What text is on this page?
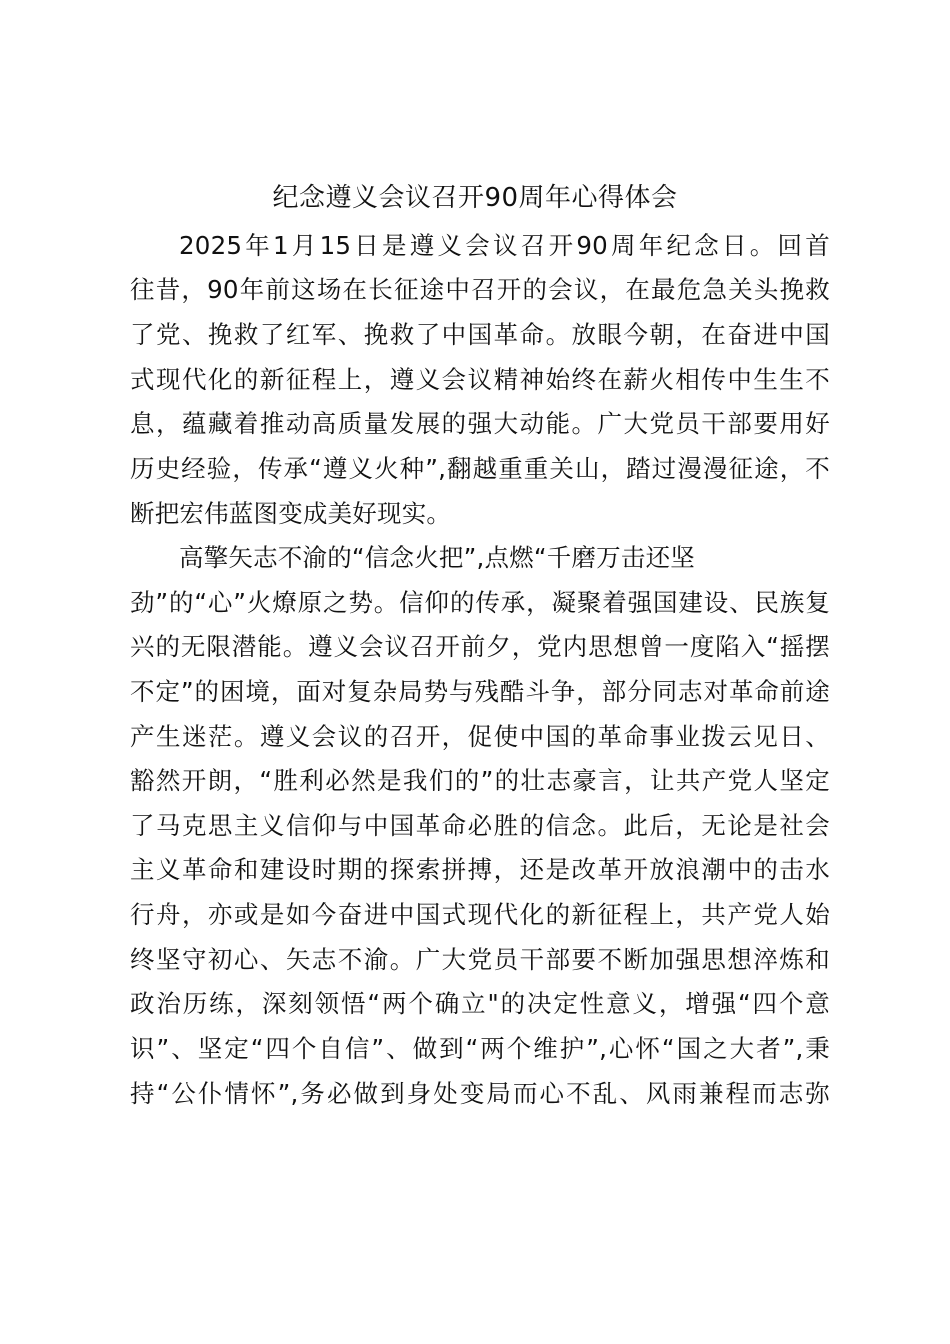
纪念遵义会议召开90周年心得体会

2025年1月15日是遵义会议召开90周年纪念日。回首

往昔，90年前这场在长征途中召开的会议，在最危急关头挽救

了党、挽救了红军、挽救了中国革命。放眼今朝，在奋进中国

式现代化的新征程上，遵义会议精神始终在薪火相传中生生不

息，蕴藏着推动高质量发展的强大动能。广大党员干部要用好

历史经验，传承“遵义火种”,翻越重重关山，踏过漫漫征途，不

断把宏伟蓝图变成美好现实。

高擎矢志不渝的“信念火把”,点燃“千磨万击还坚

劲”的“心”火燎原之势。信仰的传承，凝聚着强国建设、民族复

兴的无限潜能。遵义会议召开前夕，党内思想曾一度陷入“摇摆

不定”的困境，面对复杂局势与残酷斗争，部分同志对革命前途

产生迷茫。遵义会议的召开，促使中国的革命事业拨云见日、

豁然开朗，“胜利必然是我们的”的壮志豪言，让共产党人坚定

了马克思主义信仰与中国革命必胜的信念。此后，无论是社会

主义革命和建设时期的探索拼搏，还是改革开放浪潮中的击水

行舟，亦或是如今奋进中国式现代化的新征程上，共产党人始

终坚守初心、矢志不渝。广大党员干部要不断加强思想淬炼和

政治历练，深刻领悟“两个确立"的决定性意义，增强“四个意

识”、坚定“四个自信”、做到“两个维护”,心怀“国之大者”,秉

持“公仆情怀”,务必做到身处变局而心不乱、风雨兼程而志弥
